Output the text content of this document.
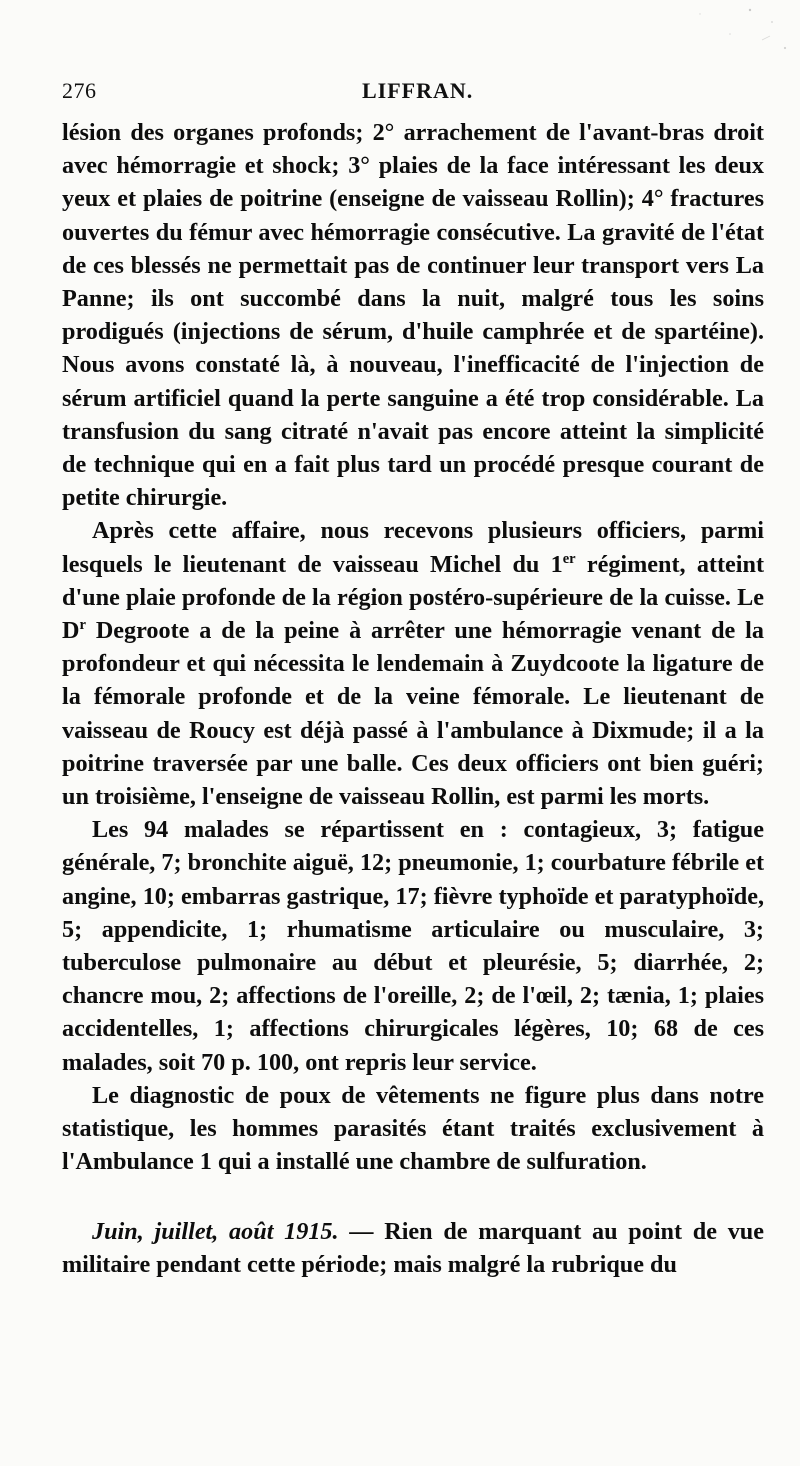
276	LIFFRAN.

lésion des organes profonds; 2° arrachement de l'avant-bras droit avec hémorragie et shock; 3° plaies de la face intéressant les deux yeux et plaies de poitrine (enseigne de vaisseau Rollin); 4° fractures ouvertes du fémur avec hémorragie consécutive. La gravité de l'état de ces blessés ne permettait pas de continuer leur transport vers La Panne; ils ont succombé dans la nuit, malgré tous les soins prodigués (injections de sérum, d'huile camphrée et de spartéine). Nous avons constaté là, à nouveau, l'inefficacité de l'injection de sérum artificiel quand la perte sanguine a été trop considérable. La transfusion du sang citraté n'avait pas encore atteint la simplicité de technique qui en a fait plus tard un procédé presque courant de petite chirurgie.

Après cette affaire, nous recevons plusieurs officiers, parmi lesquels le lieutenant de vaisseau Michel du 1er régiment, atteint d'une plaie profonde de la région postéro-supérieure de la cuisse. Le $D^r$ Degroote a de la peine à arrêter une hémorragie venant de la profondeur et qui nécessita le lendemain à Zuydcoote la ligature de la fémorale profonde et de la veine fémorale. Le lieutenant de vaisseau de Roucy est déjà passé à l'ambulance à Dixmude; il a la poitrine traversée par une balle. Ces deux officiers ont bien guéri; un troisième, l'enseigne de vaisseau Rollin, est parmi les morts.

Les 94 malades se répartissent en : contagieux, 3; fatigue générale, 7; bronchite aiguë, 12; pneumonie, 1; courbature fébrile et angine, 10; embarras gastrique, 17; fièvre typhoïde et paratyphoïde, 5; appendicite, 1; rhumatisme articulaire ou musculaire, 3; tuberculose pulmonaire au début et pleurésie, 5; diarrhée, 2; chancre mou, 2; affections de l'oreille, 2; de l'œil, 2; tænia, 1; plaies accidentelles, 1; affections chirurgicales légères, 10; 68 de ces malades, soit 70 p. 100, ont repris leur service.

Le diagnostic de poux de vêtements ne figure plus dans notre statistique, les hommes parasités étant traités exclusivement à l'Ambulance 1 qui a installé une chambre de sulfuration.

Juin, juillet, août 1915. — Rien de marquant au point de vue militaire pendant cette période; mais malgré la rubrique du
